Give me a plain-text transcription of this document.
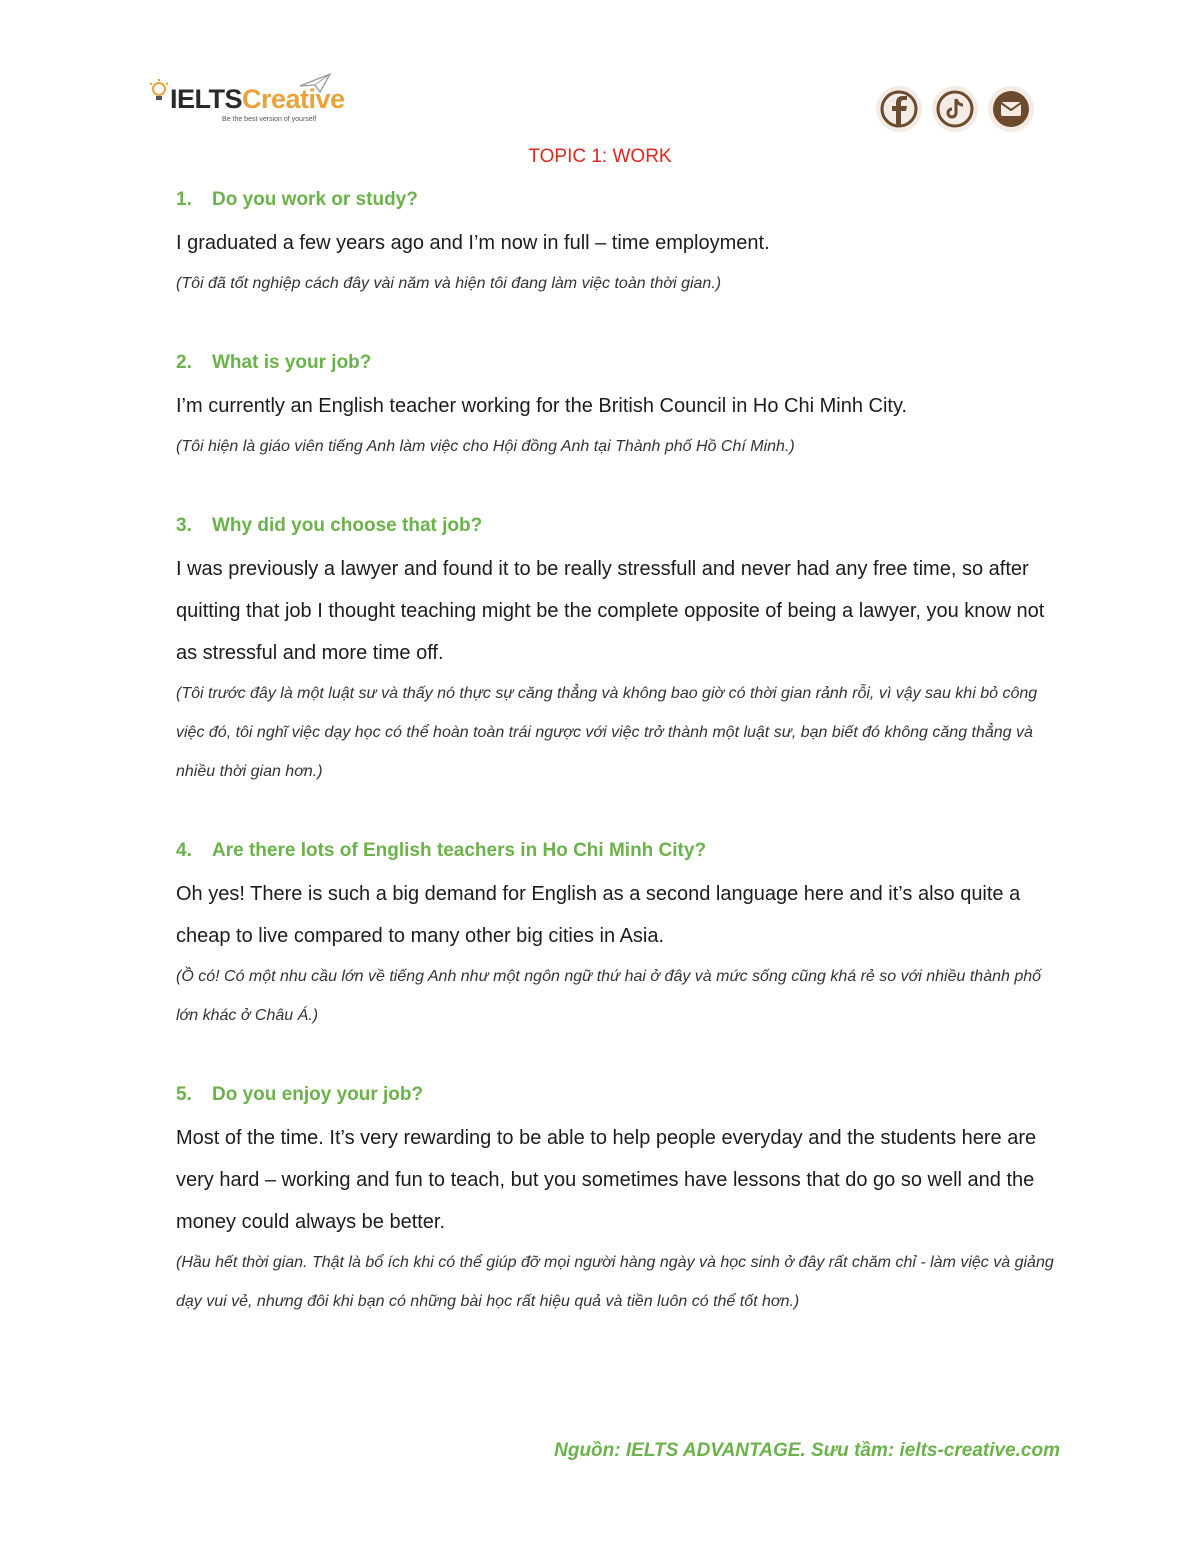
IELTSCreative
Be the best version of yourself
TOPIC 1: WORK

1.	Do you work or study?

I graduated a few years ago and I’m now in full – time employment.

(Tôi đã tốt nghiệp cách đây vài năm và hiện tôi đang làm việc toàn thời gian.)

2.	What is your job?

I’m currently an English teacher working for the British Council in Ho Chi Minh City.

(Tôi hiện là giáo viên tiếng Anh làm việc cho Hội đồng Anh tại Thành phố Hồ Chí Minh.)

3.	Why did you choose that job?

I was previously a lawyer and found it to be really stressfull and never had any free time, so after quitting that job I thought teaching might be the complete opposite of being a lawyer, you know not as stressful and more time off.

(Tôi trước đây là một luật sư và thấy nó thực sự căng thẳng và không bao giờ có thời gian rảnh rỗi, vì vậy sau khi bỏ công việc đó, tôi nghĩ việc dạy học có thể hoàn toàn trái ngược với việc trở thành một luật sư, bạn biết đó không căng thẳng và nhiều thời gian hơn.)

4.	Are there lots of English teachers in Ho Chi Minh City?

Oh yes! There is such a big demand for English as a second language here and it’s also quite a cheap to live compared to many other big cities in Asia.

(Ồ có! Có một nhu cầu lớn về tiếng Anh như một ngôn ngữ thứ hai ở đây và mức sống cũng khá rẻ so với nhiều thành phố lớn khác ở Châu Á.)

5.	Do you enjoy your job?

Most of the time. It’s very rewarding to be able to help people everyday and the students here are very hard – working and fun to teach, but you sometimes have lessons that do go so well and the money could always be better.

(Hầu hết thời gian. Thật là bổ ích khi có thể giúp đỡ mọi người hàng ngày và học sinh ở đây rất chăm chỉ - làm việc và giảng dạy vui vẻ, nhưng đôi khi bạn có những bài học rất hiệu quả và tiền luôn có thể tốt hơn.)

Nguồn: IELTS ADVANTAGE. Sưu tầm: ielts-creative.com
